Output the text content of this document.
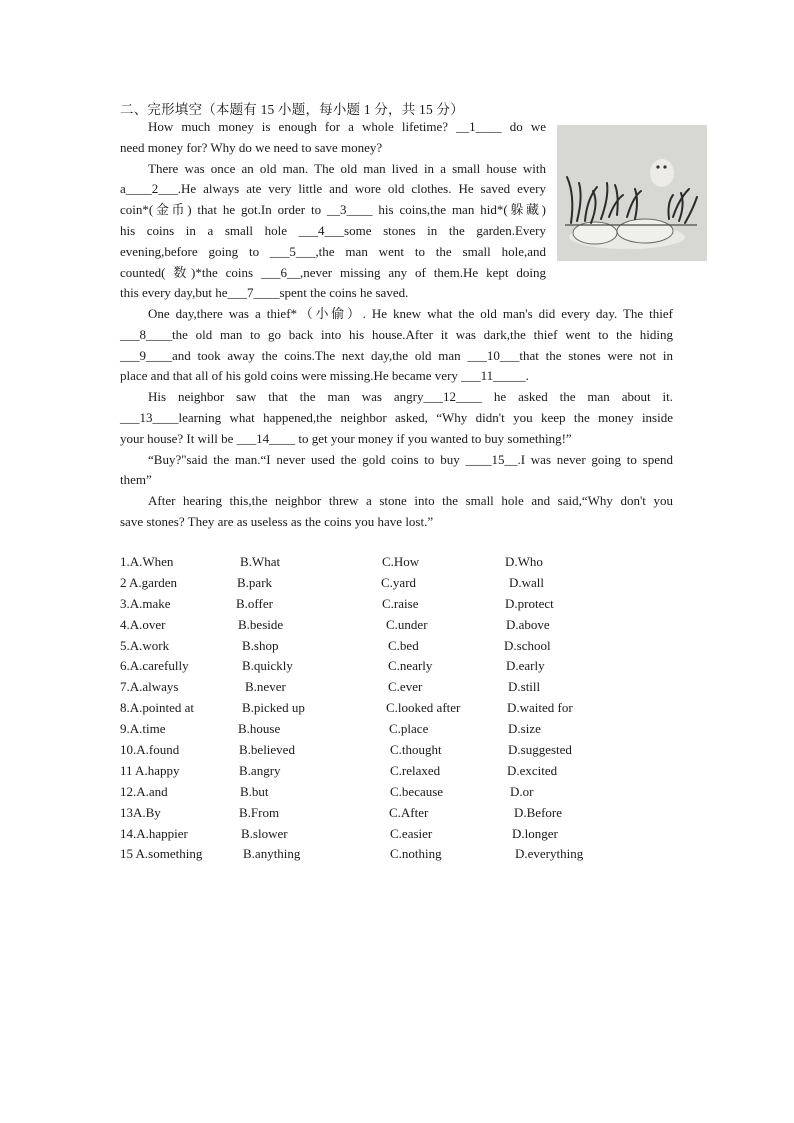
二、完形填空（本题有 15 小题，每小题 1 分，共 15 分）
How much money is enough for a whole lifetime? __1____ do we
need money for? Why do we need to save money?
There was once an old man. The old man lived in a small house with
a____2___.He always ate very little and wore old clothes. He saved every
coin*(金币) that he got.In order to __3____ his coins,the man hid*(躲藏)
his coins in a small hole ___4___some stones in the garden.Every
evening,before going to ___5___,the man went to the small hole,and
counted( 数)*the coins ___6__,never missing any of them.He kept doing
this every day,but he___7____spent the coins he saved.
One day,there was a thief*（小偷）. He knew what the old man's did every day. The thief
___8____the old man to go back into his house.After it was dark,the thief went to the hiding
___9____and took away the coins.The next day,the old man ___10___that the stones were not in
place and that all of his gold coins were missing.He became very ___11_____.
His neighbor saw that the man was angry___12____ he asked the man about it.
___13____learning what happened,the neighbor asked, “Why didn't you keep the money inside
your house? It will be ___14____ to get your money if you wanted to buy something!”
“Buy?"said the man.“I never used the gold coins to buy ____15__.I was never going to spend
them”
After hearing this,the neighbor threw a stone into the small hole and said,“Why don't you
save stones? They are as useless as the coins you have lost.”
1.A.When	B.What	C.How	D.Who
2 A.garden	B.park	C.yard	D.wall
3.A.make	B.offer	C.raise	D.protect
4.A.over	B.beside	C.under	D.above
5.A.work	B.shop	C.bed	D.school
6.A.carefully	B.quickly	C.nearly	D.early
7.A.always	B.never	C.ever	D.still
8.A.pointed at	B.picked up	C.looked after	D.waited for
9.A.time	B.house	C.place	D.size
10.A.found	B.believed	C.thought	D.suggested
11 A.happy	B.angry	C.relaxed	D.excited
12.A.and	B.but	C.because	D.or
13A.By	B.From	C.After	D.Before
14.A.happier	B.slower	C.easier	D.longer
15 A.something	B.anything	C.nothing	D.everything
